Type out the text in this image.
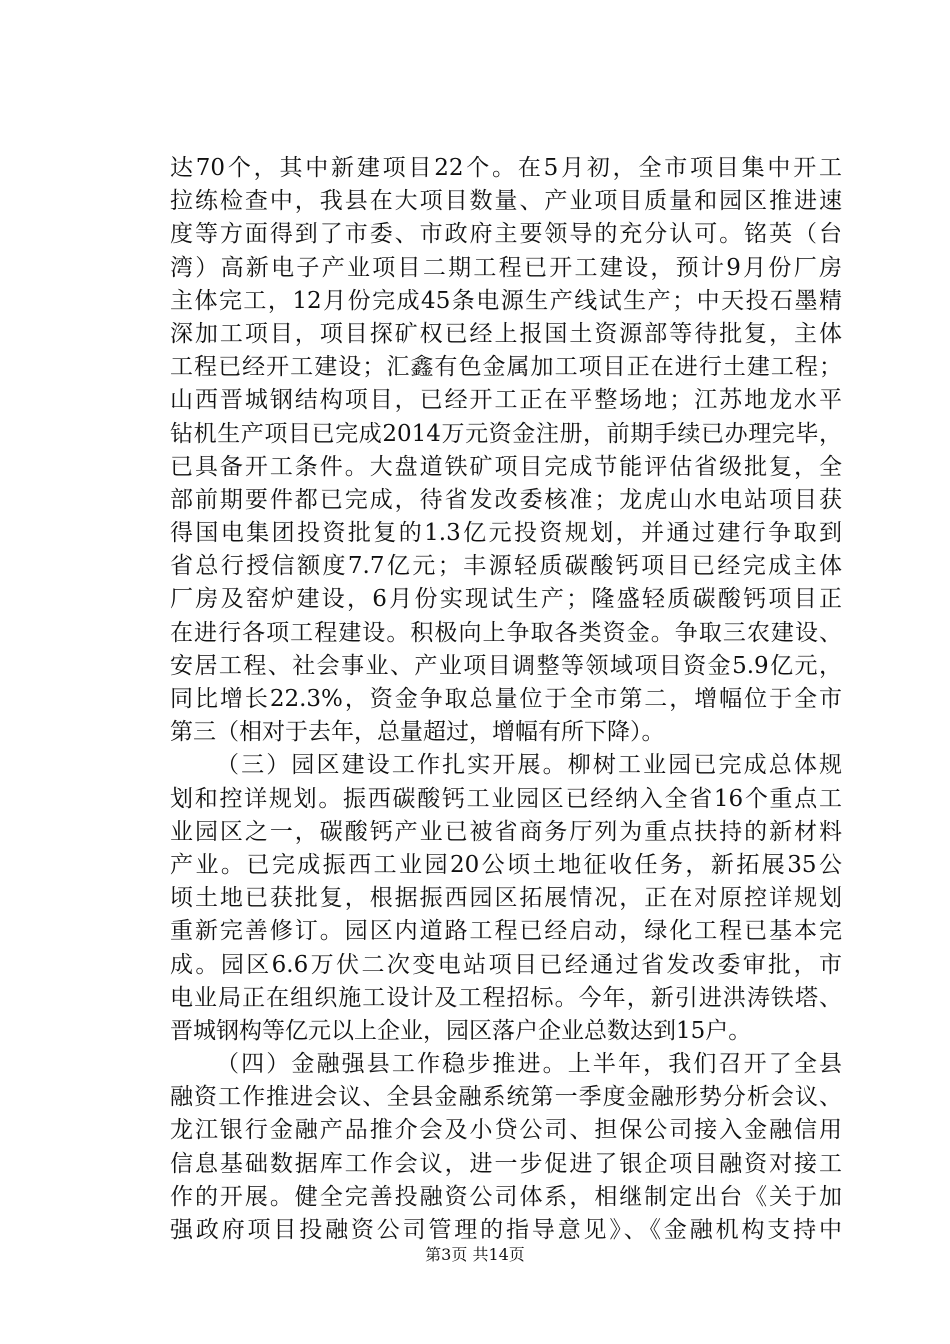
达70个，其中新建项目22个。在5月初，全市项目集中开工
拉练检查中，我县在大项目数量、产业项目质量和园区推进速
度等方面得到了市委、市政府主要领导的充分认可。铭英（台
湾）高新电子产业项目二期工程已开工建设，预计9月份厂房
主体完工，12月份完成45条电源生产线试生产；中天投石墨精
深加工项目，项目探矿权已经上报国土资源部等待批复，主体
工程已经开工建设；汇鑫有色金属加工项目正在进行土建工程；
山西晋城钢结构项目，已经开工正在平整场地；江苏地龙水平
钻机生产项目已完成2014万元资金注册，前期手续已办理完毕，
已具备开工条件。大盘道铁矿项目完成节能评估省级批复，全
部前期要件都已完成，待省发改委核准；龙虎山水电站项目获
得国电集团投资批复的1.3亿元投资规划，并通过建行争取到
省总行授信额度7.7亿元；丰源轻质碳酸钙项目已经完成主体
厂房及窑炉建设，6月份实现试生产；隆盛轻质碳酸钙项目正
在进行各项工程建设。积极向上争取各类资金。争取三农建设、
安居工程、社会事业、产业项目调整等领域项目资金5.9亿元，
同比增长22.3%，资金争取总量位于全市第二，增幅位于全市
第三（相对于去年，总量超过，增幅有所下降）。
（三）园区建设工作扎实开展。柳树工业园已完成总体规
划和控详规划。振西碳酸钙工业园区已经纳入全省16个重点工
业园区之一，碳酸钙产业已被省商务厅列为重点扶持的新材料
产业。已完成振西工业园20公顷土地征收任务，新拓展35公
顷土地已获批复，根据振西园区拓展情况，正在对原控详规划
重新完善修订。园区内道路工程已经启动，绿化工程已基本完
成。园区6.6万伏二次变电站项目已经通过省发改委审批，市
电业局正在组织施工设计及工程招标。今年，新引进洪涛铁塔、
晋城钢构等亿元以上企业，园区落户企业总数达到15户。
（四）金融强县工作稳步推进。上半年，我们召开了全县
融资工作推进会议、全县金融系统第一季度金融形势分析会议、
龙江银行金融产品推介会及小贷公司、担保公司接入金融信用
信息基础数据库工作会议，进一步促进了银企项目融资对接工
作的开展。健全完善投融资公司体系，相继制定出台《关于加
强政府项目投融资公司管理的指导意见》、《金融机构支持中
第3页 共14页
